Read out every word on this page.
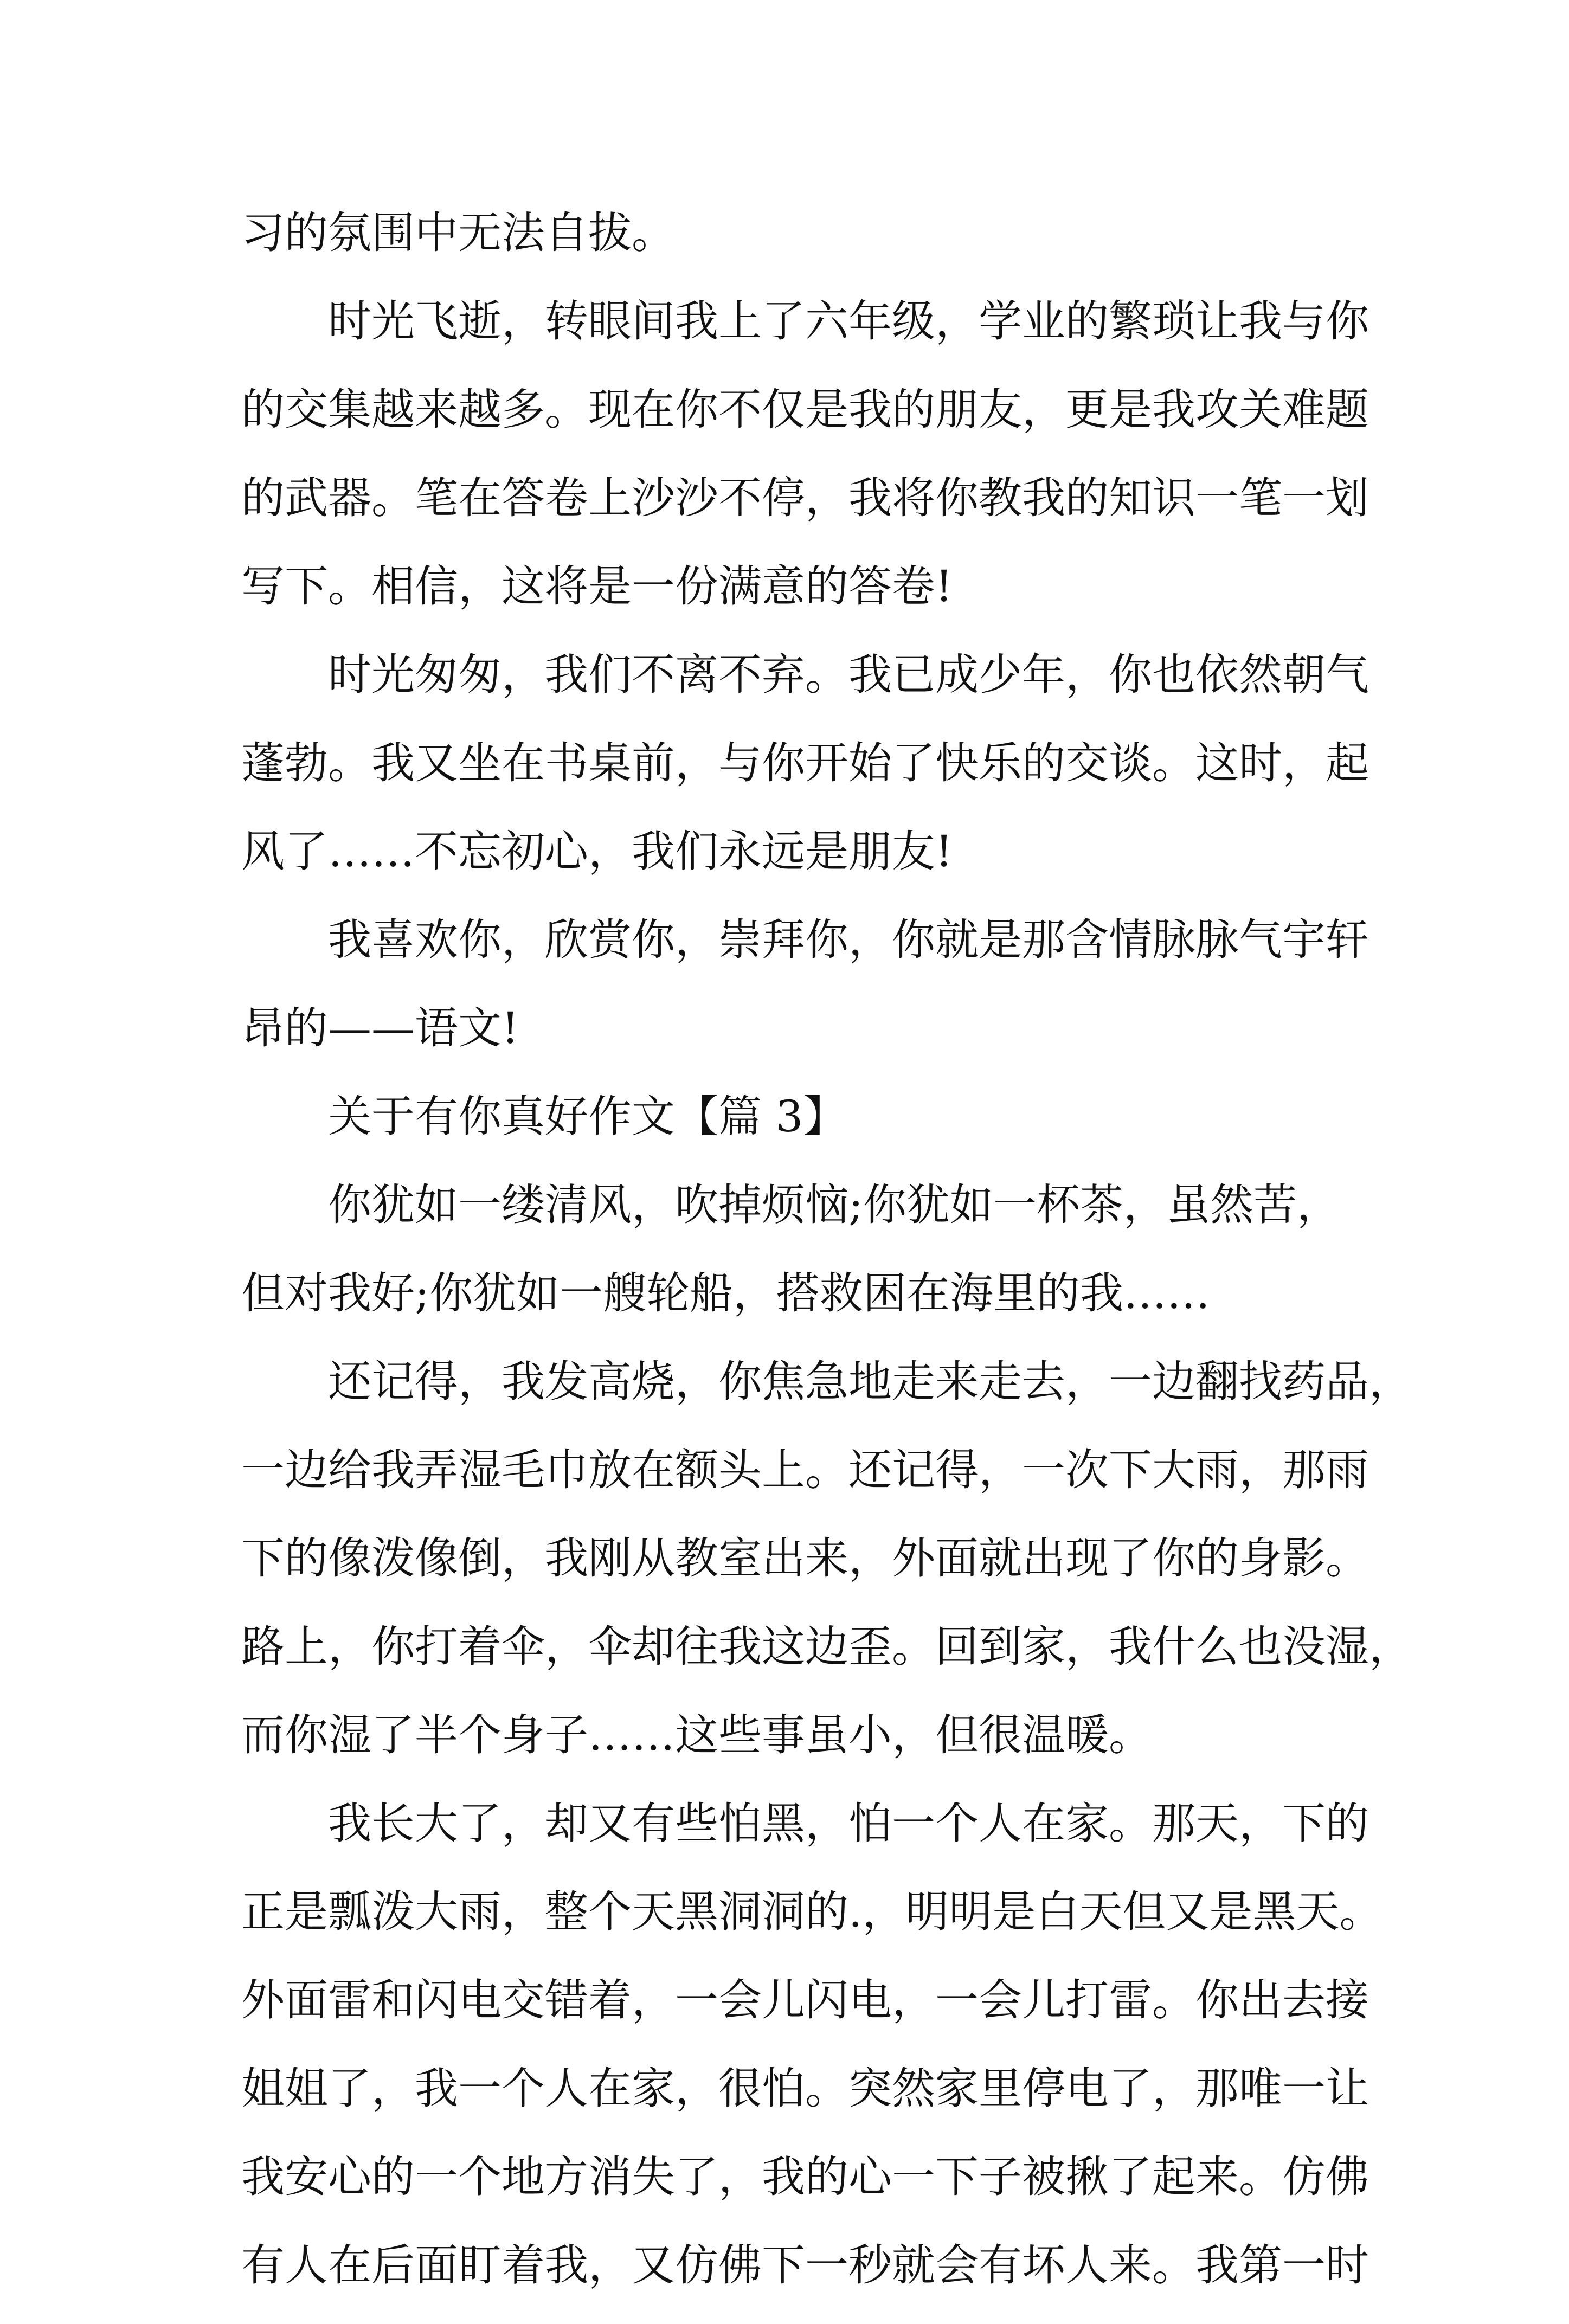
习的氛围中无法自拔。
时光飞逝，转眼间我上了六年级，学业的繁琐让我与你
的交集越来越多。现在你不仅是我的朋友，更是我攻关难题
的武器。笔在答卷上沙沙不停，我将你教我的知识一笔一划
写下。相信，这将是一份满意的答卷!
时光匆匆，我们不离不弃。我已成少年，你也依然朝气
蓬勃。我又坐在书桌前，与你开始了快乐的交谈。这时，起
风了……不忘初心，我们永远是朋友!
我喜欢你，欣赏你，崇拜你，你就是那含情脉脉气宇轩
昂的——语文!
关于有你真好作文【篇 3】
你犹如一缕清风，吹掉烦恼;你犹如一杯茶，虽然苦，
但对我好;你犹如一艘轮船，搭救困在海里的我……
还记得，我发高烧，你焦急地走来走去，一边翻找药品，
一边给我弄湿毛巾放在额头上。还记得，一次下大雨，那雨
下的像泼像倒，我刚从教室出来，外面就出现了你的身影。
路上，你打着伞，伞却往我这边歪。回到家，我什么也没湿，
而你湿了半个身子……这些事虽小，但很温暖。
我长大了，却又有些怕黑，怕一个人在家。那天，下的
正是瓢泼大雨，整个天黑洞洞的.，明明是白天但又是黑天。
外面雷和闪电交错着，一会儿闪电，一会儿打雷。你出去接
姐姐了，我一个人在家，很怕。突然家里停电了，那唯一让
我安心的一个地方消失了，我的心一下子被揪了起来。仿佛
有人在后面盯着我，又仿佛下一秒就会有坏人来。我第一时
